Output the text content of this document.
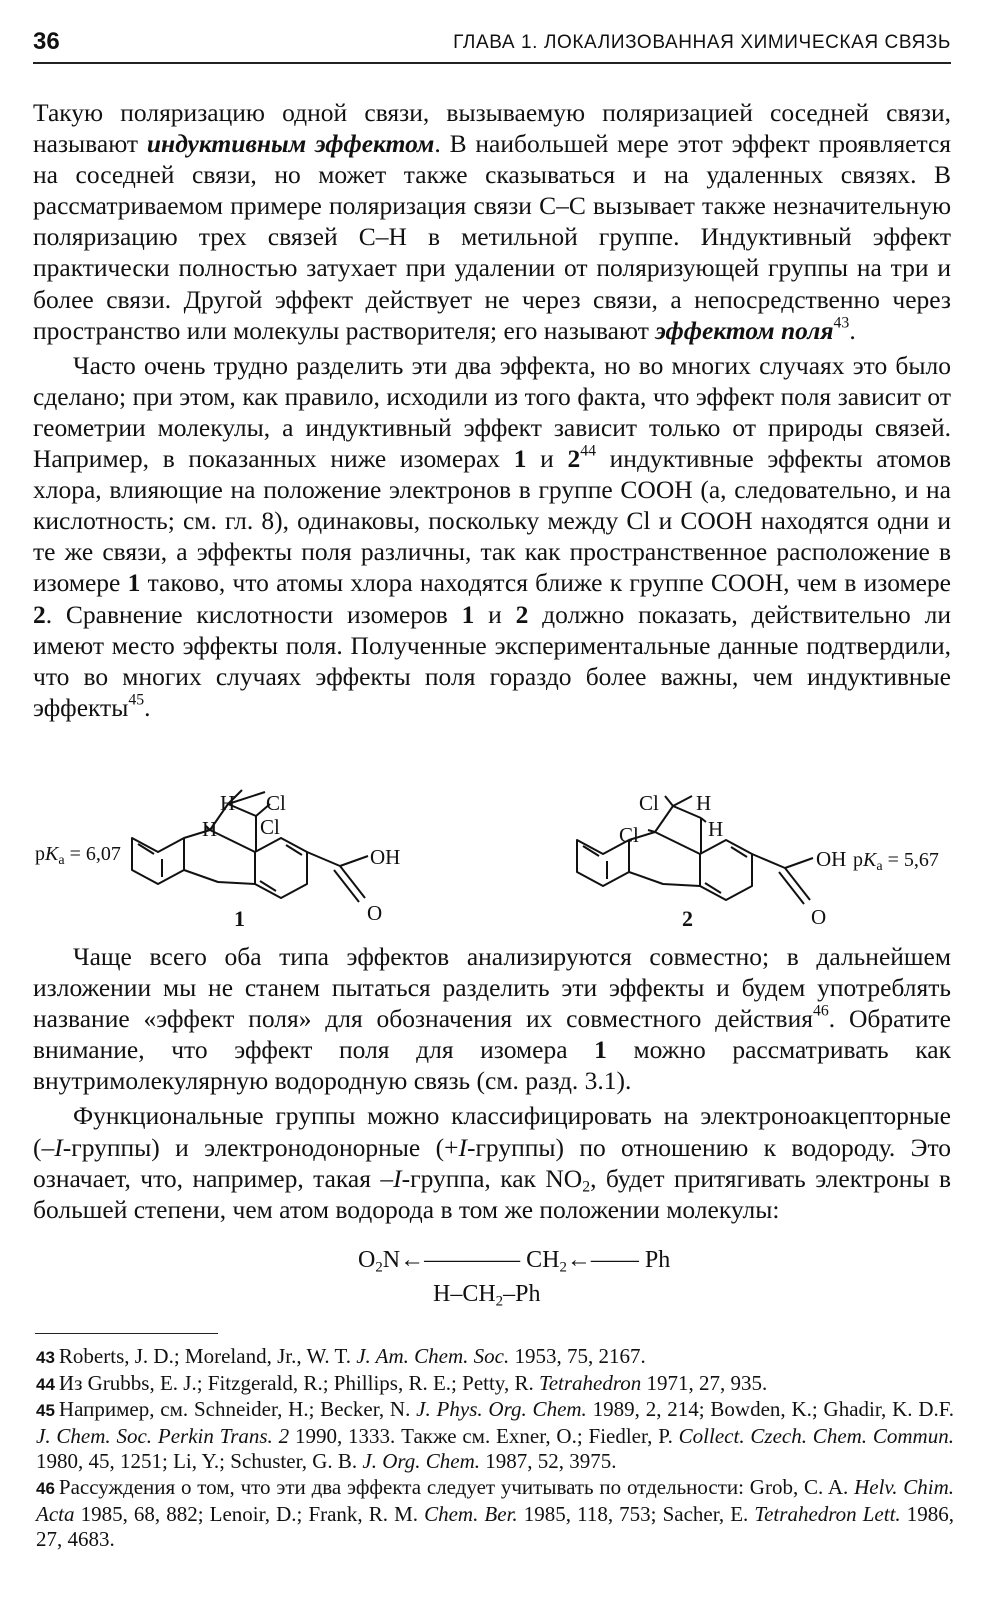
36	ГЛАВА 1. ЛОКАЛИЗОВАННАЯ ХИМИЧЕСКАЯ СВЯЗЬ

Такую поляризацию одной связи, вызываемую поляризацией соседней связи, называют индуктивным эффектом. В наибольшей мере этот эффект проявляется на соседней связи, но может также сказываться и на удаленных связях. В рассматриваемом примере поляризация связи С–С вызывает также незначительную поляризацию трех связей С–Н в метильной группе. Индуктивный эффект практически полностью затухает при удалении от поляризующей группы на три и более связи. Другой эффект действует не через связи, а непосредственно через пространство или молекулы растворителя; его называют эффектом поля$^{43}$.

Часто очень трудно разделить эти два эффекта, но во многих случаях это было сделано; при этом, как правило, исходили из того факта, что эффект поля зависит от геометрии молекулы, а индуктивный эффект зависит только от природы связей. Например, в показанных ниже изомерах 1 и $2^{44}$ индуктивные эффекты атомов хлора, влияющие на положение электронов в группе COOH (а, следовательно, и на кислотность; см. гл. 8), одинаковы, поскольку между Cl и COOH находятся одни и те же связи, а эффекты поля различны, так как пространственное расположение в изомере 1 таково, что атомы хлора находятся ближе к группе COOH, чем в изомере 2. Сравнение кислотности изомеров 1 и 2 должно показать, действительно ли имеют место эффекты поля. Полученные экспериментальные данные подтвердили, что во многих случаях эффекты поля гораздо более важны, чем индуктивные эффекты$^{45}$.

$pK_a = 6,07$	$pK_a = 5,67$
H Cl
H Cl
OH
O
1
Cl H
Cl	H
OH
O
2

Чаще всего оба типа эффектов анализируются совместно; в дальнейшем изложении мы не станем пытаться разделить эти эффекты и будем употреблять название «эффект поля» для обозначения их совместного действия$^{46}$. Обратите внимание, что эффект поля для изомера 1 можно рассматривать как внутримолекулярную водородную связь (см. разд. 3.1).

Функциональные группы можно классифицировать на электроноакцепторные (–I-группы) и электронодонорные (+I-группы) по отношению к водороду. Это означает, что, например, такая –I-группа, как $NO_2$, будет притягивать электроны в большей степени, чем атом водорода в том же положении молекулы:

$O_2N\leftarrow————$ $CH_2\leftarrow——$ Ph
$H-CH_2-Ph$

43 Roberts, J. D.; Moreland, Jr., W. T. J. Am. Chem. Soc. 1953, 75, 2167.

44 Из Grubbs, E. J.; Fitzgerald, R.; Phillips, R. E.; Petty, R. Tetrahedron 1971, 27, 935.

45 Например, см. Schneider, H.; Becker, N. J. Phys. Org. Chem. 1989, 2, 214; Bowden, K.; Ghadir, K. D.F. J. Chem. Soc. Perkin Trans. 2 1990, 1333. Также см. Exner, O.; Fiedler, P. Collect. Czech. Chem. Commun. 1980, 45, 1251; Li, Y.; Schuster, G. B. J. Org. Chem. 1987, 52, 3975.

46 Рассуждения о том, что эти два эффекта следует учитывать по отдельности: Grob, C. A. Helv. Chim. Acta 1985, 68, 882; Lenoir, D.; Frank, R. M. Chem. Ber. 1985, 118, 753; Sacher, E. Tetrahedron Lett. 1986, 27, 4683.
